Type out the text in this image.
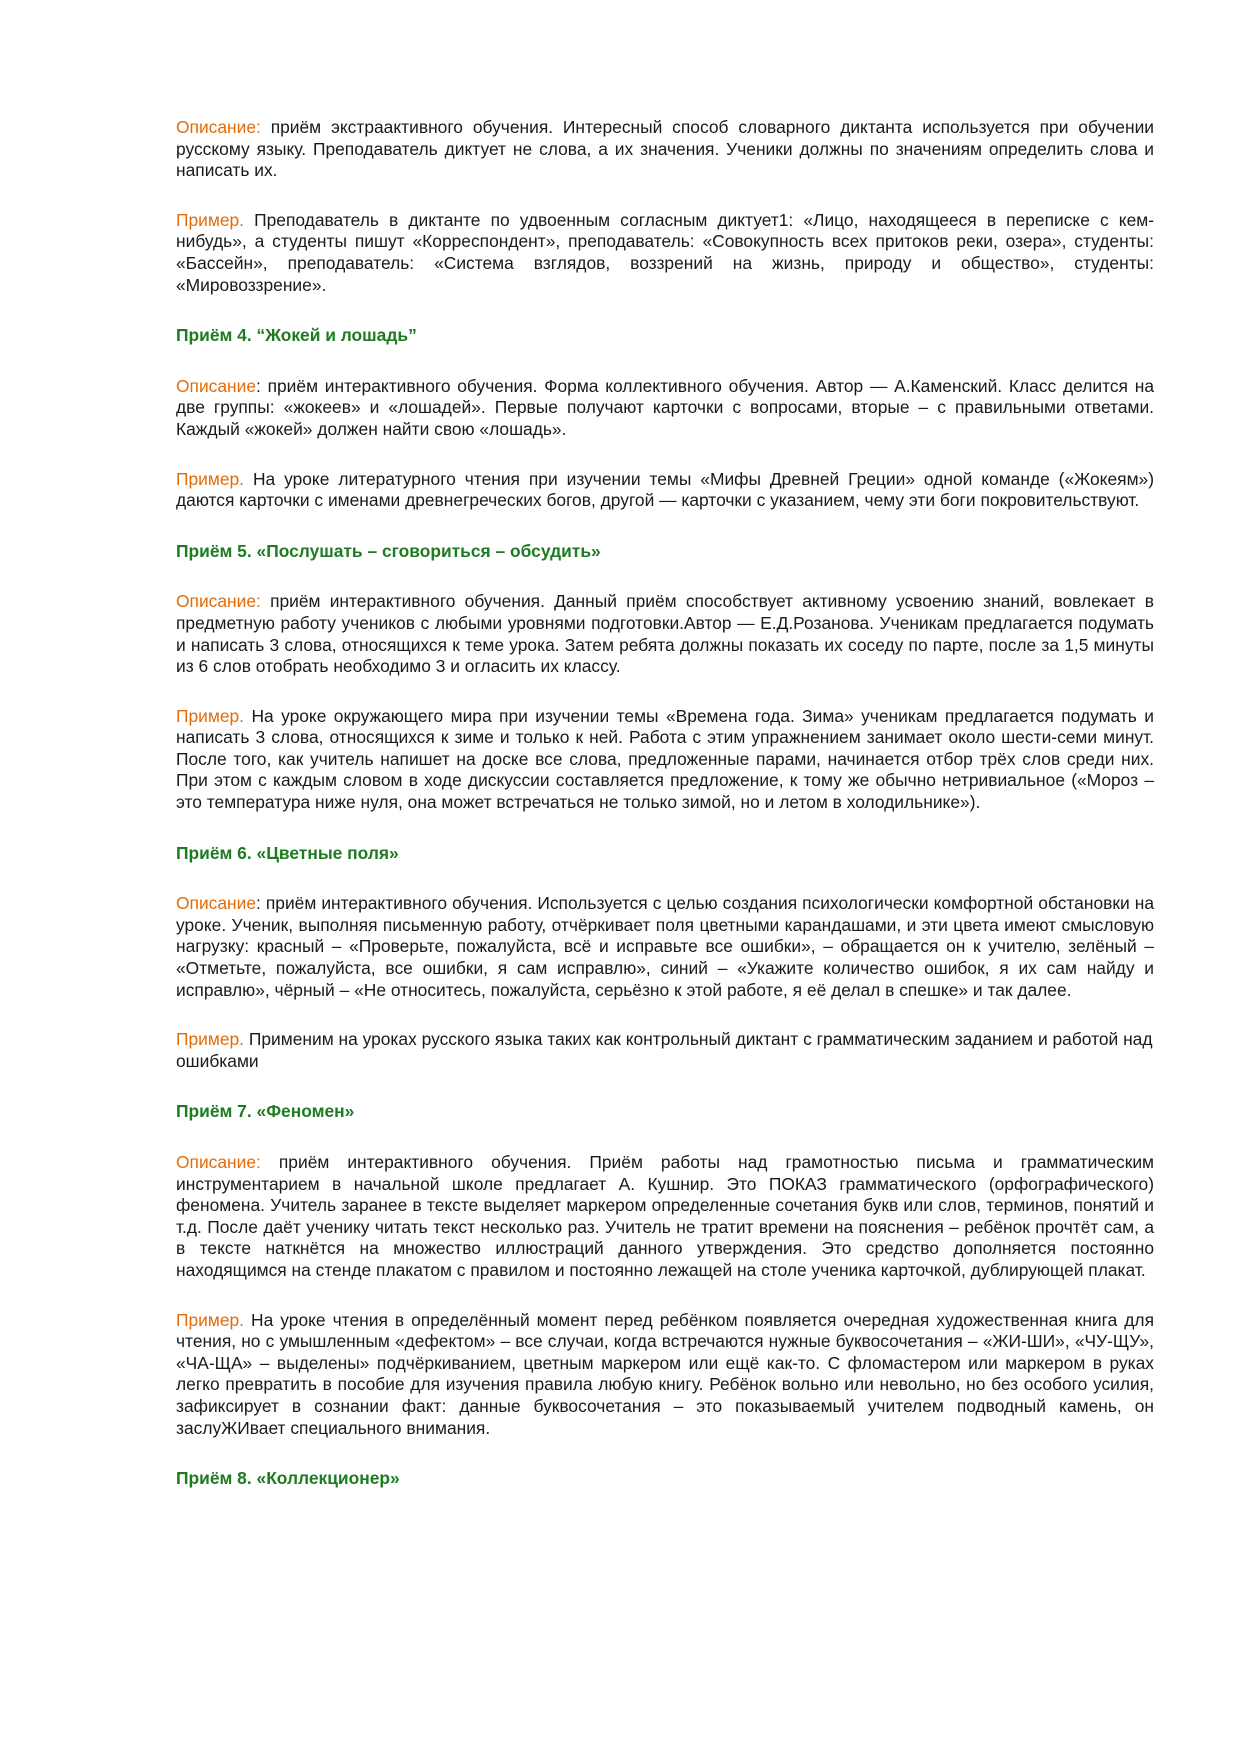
Описание: приём экстраактивного обучения. Интересный способ словарного диктанта используется при обучении русскому языку. Преподаватель диктует не слова, а их значения. Ученики должны по значениям определить слова и написать их.

Пример. Преподаватель в диктанте по удвоенным согласным диктует1: «Лицо, находящееся в переписке с кем-нибудь», а студенты пишут «Корреспондент», преподаватель: «Совокупность всех притоков реки, озера», студенты: «Бассейн», преподаватель: «Система взглядов, воззрений на жизнь, природу и общество», студенты: «Мировоззрение».

Приём 4. “Жокей и лошадь”

Описание: приём интерактивного обучения. Форма коллективного обучения. Автор — А.Каменский. Класс делится на две группы: «жокеев» и «лошадей». Первые получают карточки с вопросами, вторые – с правильными ответами. Каждый «жокей» должен найти свою «лошадь».

Пример. На уроке литературного чтения при изучении темы «Мифы Древней Греции» одной команде («Жокеям») даются карточки с именами древнегреческих богов, другой — карточки с указанием, чему эти боги покровительствуют.

Приём 5. «Послушать – сговориться – обсудить»

Описание: приём интерактивного обучения. Данный приём способствует активному усвоению знаний, вовлекает в предметную работу учеников с любыми уровнями подготовки.Автор — Е.Д.Розанова. Ученикам предлагается подумать и написать 3 слова, относящихся к теме урока. Затем ребята должны показать их соседу по парте, после за 1,5 минуты из 6 слов отобрать необходимо 3 и огласить их классу.

Пример. На уроке окружающего мира при изучении темы «Времена года. Зима» ученикам предлагается подумать и написать 3 слова, относящихся к зиме и только к ней. Работа с этим упражнением занимает около шести-семи минут. После того, как учитель напишет на доске все слова, предложенные парами, начинается отбор трёх слов среди них. При этом с каждым словом в ходе дискуссии составляется предложение, к тому же обычно нетривиальное («Мороз – это температура ниже нуля, она может встречаться не только зимой, но и летом в холодильнике»).

Приём 6. «Цветные поля»

Описание: приём интерактивного обучения. Используется с целью создания психологически комфортной обстановки на уроке. Ученик, выполняя письменную работу, отчёркивает поля цветными карандашами, и эти цвета имеют смысловую нагрузку: красный – «Проверьте, пожалуйста, всё и исправьте все ошибки», – обращается он к учителю, зелёный – «Отметьте, пожалуйста, все ошибки, я сам исправлю», синий – «Укажите количество ошибок, я их сам найду и исправлю», чёрный – «Не относитесь, пожалуйста, серьёзно к этой работе, я её делал в спешке» и так далее.

Пример. Применим на уроках русского языка таких как контрольный диктант с грамматическим заданием и работой над ошибками

Приём 7. «Феномен»

Описание: приём интерактивного обучения. Приём работы над грамотностью письма и грамматическим инструментарием в начальной школе предлагает А. Кушнир. Это ПОКАЗ грамматического (орфографического) феномена. Учитель заранее в тексте выделяет маркером определенные сочетания букв или слов, терминов, понятий и т.д. После даёт ученику читать текст несколько раз. Учитель не тратит времени на пояснения – ребёнок прочтёт сам, а в тексте наткнётся на множество иллюстраций данного утверждения. Это средство дополняется постоянно находящимся на стенде плакатом с правилом и постоянно лежащей на столе ученика карточкой, дублирующей плакат.

Пример. На уроке чтения в определённый момент перед ребёнком появляется очередная художественная книга для чтения, но с умышленным «дефектом» – все случаи, когда встречаются нужные буквосочетания – «ЖИ-ШИ», «ЧУ-ЩУ», «ЧА-ЩА» – выделены» подчёркиванием, цветным маркером или ещё как-то. С фломастером или маркером в руках легко превратить в пособие для изучения правила любую книгу. Ребёнок вольно или невольно, но без особого усилия, зафиксирует в сознании факт: данные буквосочетания – это показываемый учителем подводный камень, он заслуЖИвает специального внимания.

Приём 8. «Коллекционер»
